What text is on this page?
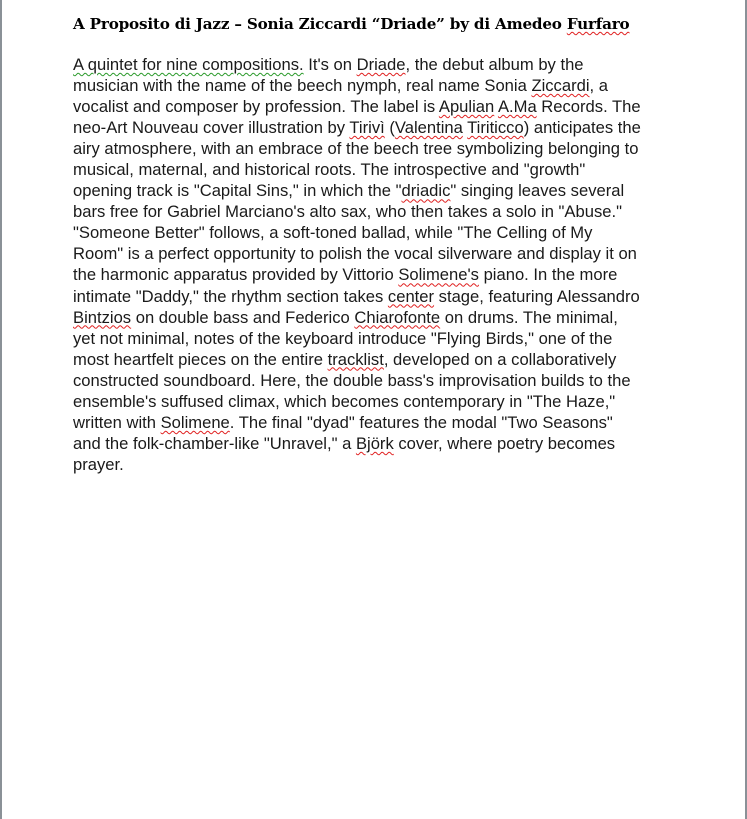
A Proposito di Jazz – Sonia Ziccardi “Driade” by di Amedeo Furfaro
A quintet for nine compositions. It's on Driade, the debut album by the
musician with the name of the beech nymph, real name Sonia Ziccardi, a
vocalist and composer by profession. The label is Apulian A.Ma Records. The
neo-Art Nouveau cover illustration by Tirivì (Valentina Tiriticco) anticipates the
airy atmosphere, with an embrace of the beech tree symbolizing belonging to
musical, maternal, and historical roots. The introspective and "growth"
opening track is "Capital Sins," in which the "driadic" singing leaves several
bars free for Gabriel Marciano's alto sax, who then takes a solo in "Abuse."
"Someone Better" follows, a soft-toned ballad, while "The Celling of My
Room" is a perfect opportunity to polish the vocal silverware and display it on
the harmonic apparatus provided by Vittorio Solimene's piano. In the more
intimate "Daddy," the rhythm section takes center stage, featuring Alessandro
Bintzios on double bass and Federico Chiarofonte on drums. The minimal,
yet not minimal, notes of the keyboard introduce "Flying Birds," one of the
most heartfelt pieces on the entire tracklist, developed on a collaboratively
constructed soundboard. Here, the double bass's improvisation builds to the
ensemble's suffused climax, which becomes contemporary in "The Haze,"
written with Solimene. The final "dyad" features the modal "Two Seasons"
and the folk-chamber-like "Unravel," a Björk cover, where poetry becomes
prayer.
